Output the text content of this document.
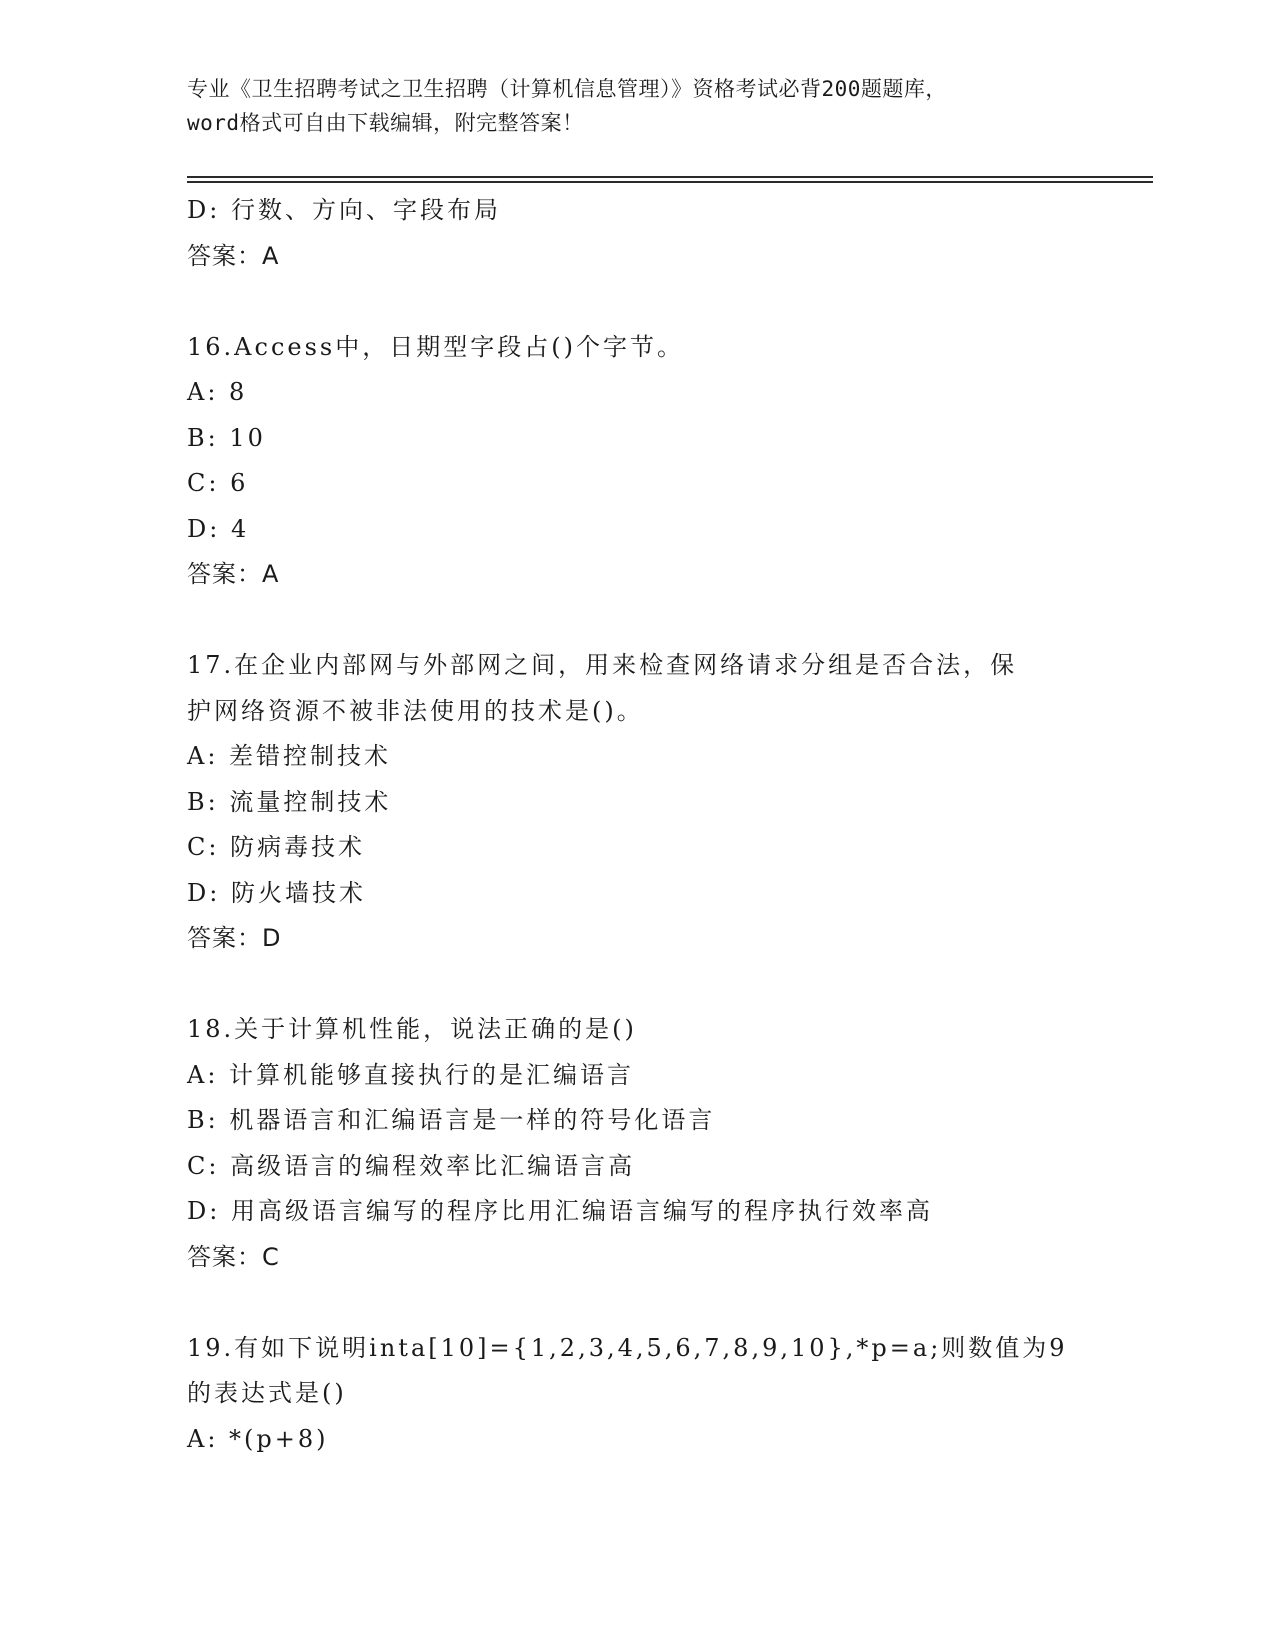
专业《卫生招聘考试之卫生招聘（计算机信息管理）》资格考试必背200题题库，
word格式可自由下载编辑，附完整答案！
D: 行数、方向、字段布局
答案：A
16.Access中，日期型字段占()个字节。
A: 8
B: 10
C: 6
D: 4
答案：A
17.在企业内部网与外部网之间，用来检查网络请求分组是否合法，保
护网络资源不被非法使用的技术是()。
A: 差错控制技术
B: 流量控制技术
C: 防病毒技术
D: 防火墙技术
答案：D
18.关于计算机性能，说法正确的是()
A: 计算机能够直接执行的是汇编语言
B: 机器语言和汇编语言是一样的符号化语言
C: 高级语言的编程效率比汇编语言高
D: 用高级语言编写的程序比用汇编语言编写的程序执行效率高
答案：C
19.有如下说明inta[10]={1,2,3,4,5,6,7,8,9,10},*p=a;则数值为9
的表达式是()
A: *(p+8)
